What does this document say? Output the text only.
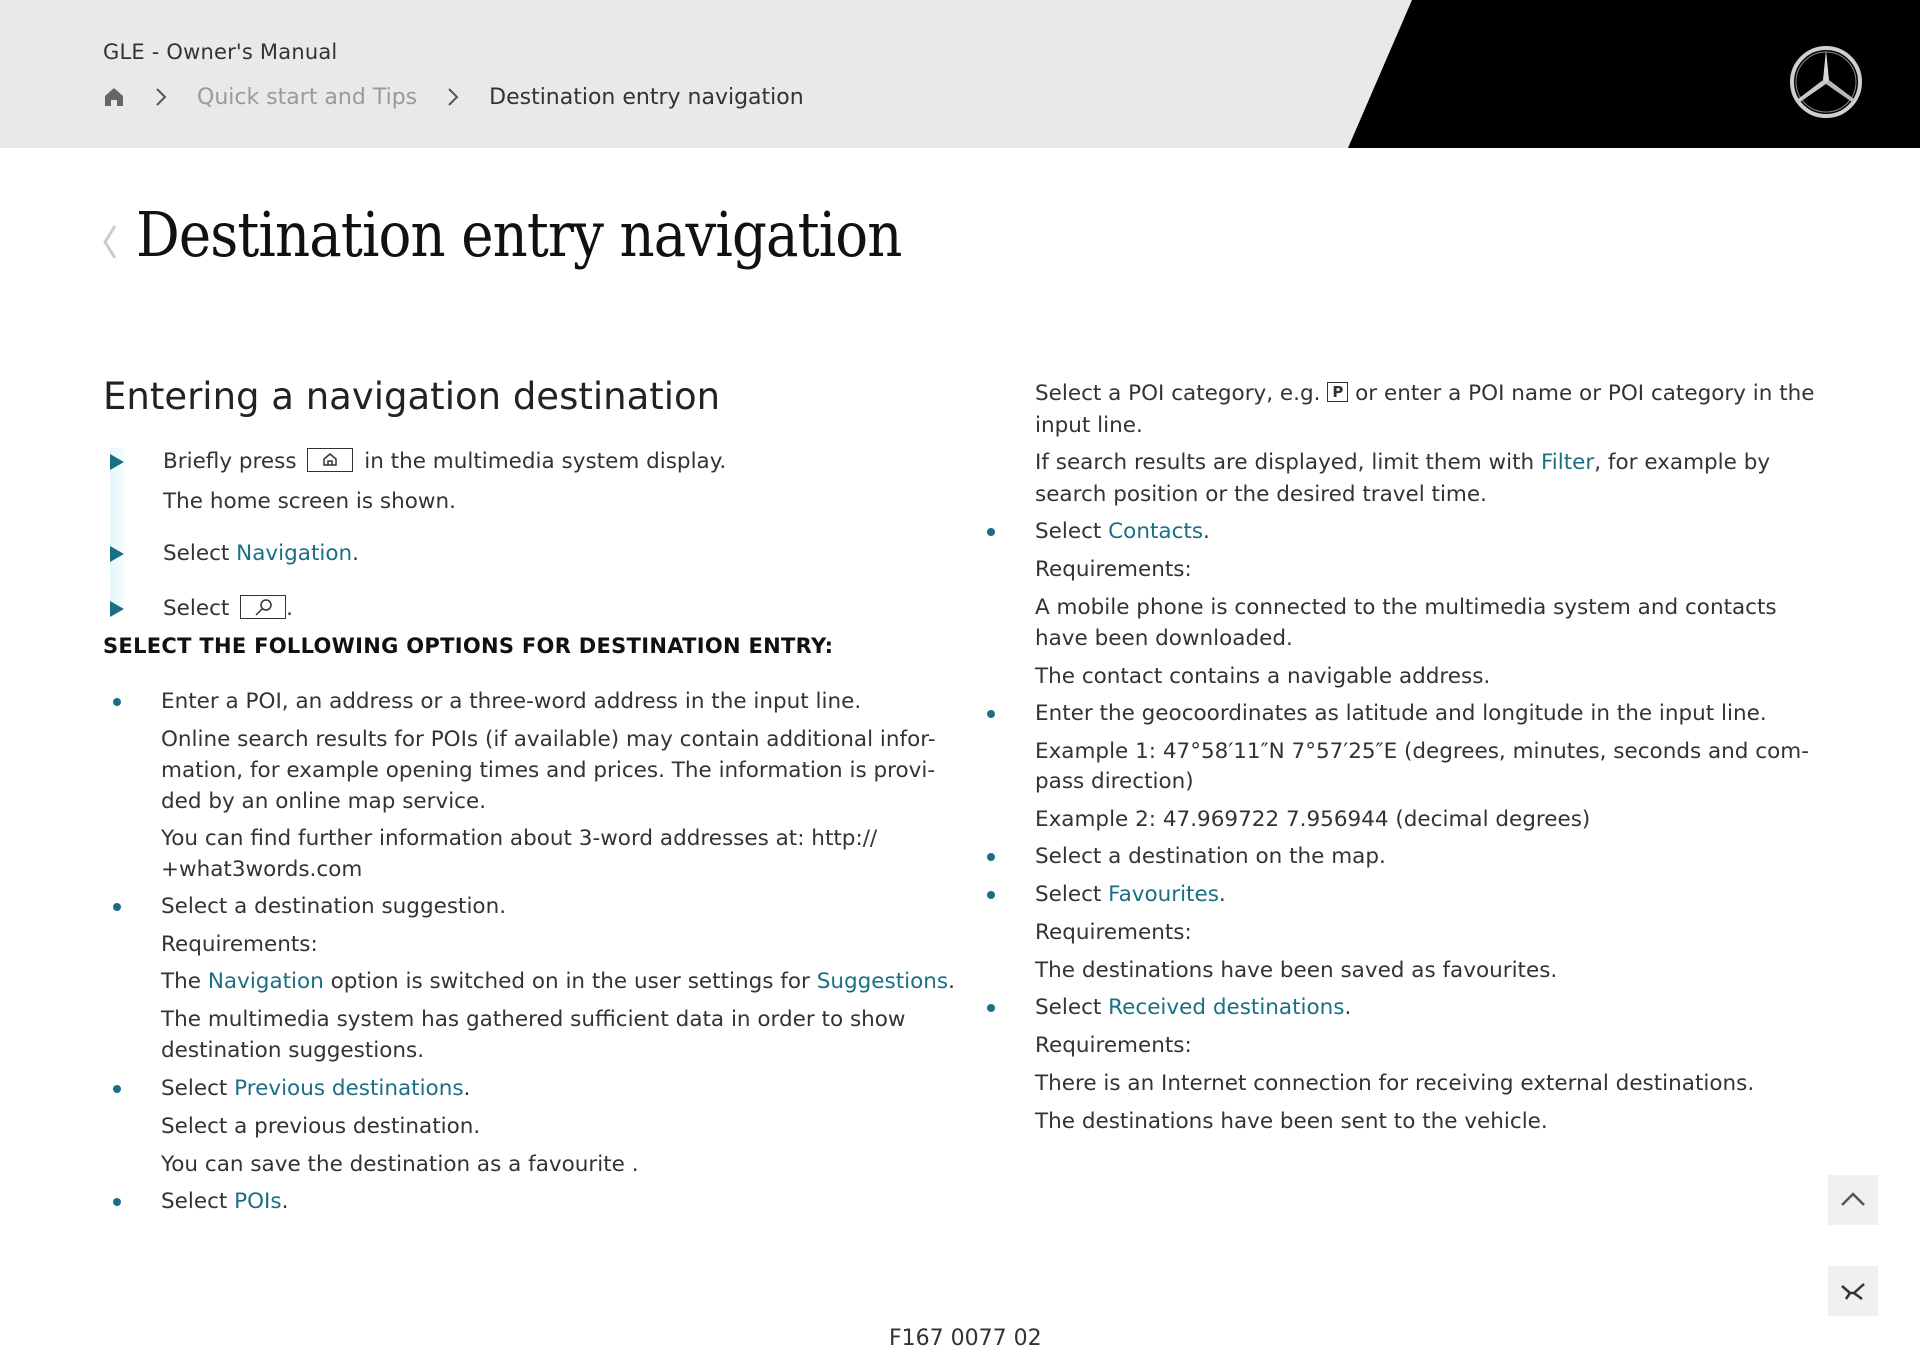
GLE - Owner's Manual
Quick start and Tips	Destination entry navigation
Destination entry navigation
Entering a navigation destination
Briefly press	in the multimedia system display.
The home screen is shown.
Select Navigation.
Select	.
SELECT THE FOLLOWING OPTIONS FOR DESTINATION ENTRY:
Enter a POI, an address or a three-word address in the input line.
Online search results for POIs (if available) may contain additional infor-
mation, for example opening times and prices. The information is provi-
ded by an online map service.
You can find further information about 3-word addresses at: http://
+what3words.com
Select a destination suggestion.
Requirements:
The Navigation option is switched on in the user settings for Suggestions.
The multimedia system has gathered sufficient data in order to show
destination suggestions.
Select Previous destinations.
Select a previous destination.
You can save the destination as a favourite .
Select POIs.
Select a POI category, e.g. P or enter a POI name or POI category in the
input line.
If search results are displayed, limit them with Filter, for example by
search position or the desired travel time.
Select Contacts.
Requirements:
A mobile phone is connected to the multimedia system and contacts
have been downloaded.
The contact contains a navigable address.
Enter the geocoordinates as latitude and longitude in the input line.
Example 1: 47°58′11″N 7°57′25″E (degrees, minutes, seconds and com-
pass direction)
Example 2: 47.969722 7.956944 (decimal degrees)
Select a destination on the map.
Select Favourites.
Requirements:
The destinations have been saved as favourites.
Select Received destinations.
Requirements:
There is an Internet connection for receiving external destinations.
The destinations have been sent to the vehicle.
F167 0077 02
